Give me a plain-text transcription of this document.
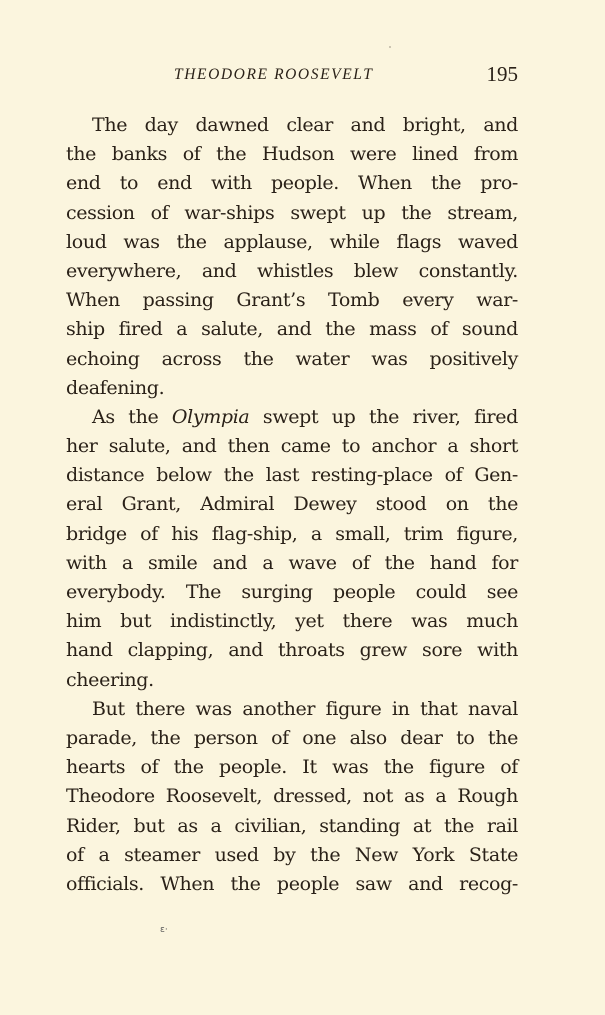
THEODORE ROOSEVELT	195
The day dawned clear and bright, and
the banks of the Hudson were lined from
end to end with people. When the pro-
cession of war-ships swept up the stream,
loud was the applause, while flags waved
everywhere, and whistles blew constantly.
When passing Grant’s Tomb every war-
ship fired a salute, and the mass of sound
echoing across the water was positively
deafening.
As the Olympia swept up the river, fired
her salute, and then came to anchor a short
distance below the last resting-place of Gen-
eral Grant, Admiral Dewey stood on the
bridge of his flag-ship, a small, trim figure,
with a smile and a wave of the hand for
everybody. The surging people could see
him but indistinctly, yet there was much
hand clapping, and throats grew sore with
cheering.
But there was another figure in that naval
parade, the person of one also dear to the
hearts of the people. It was the figure of
Theodore Roosevelt, dressed, not as a Rough
Rider, but as a civilian, standing at the rail
of a steamer used by the New York State
officials. When the people saw and recog-
ε·
